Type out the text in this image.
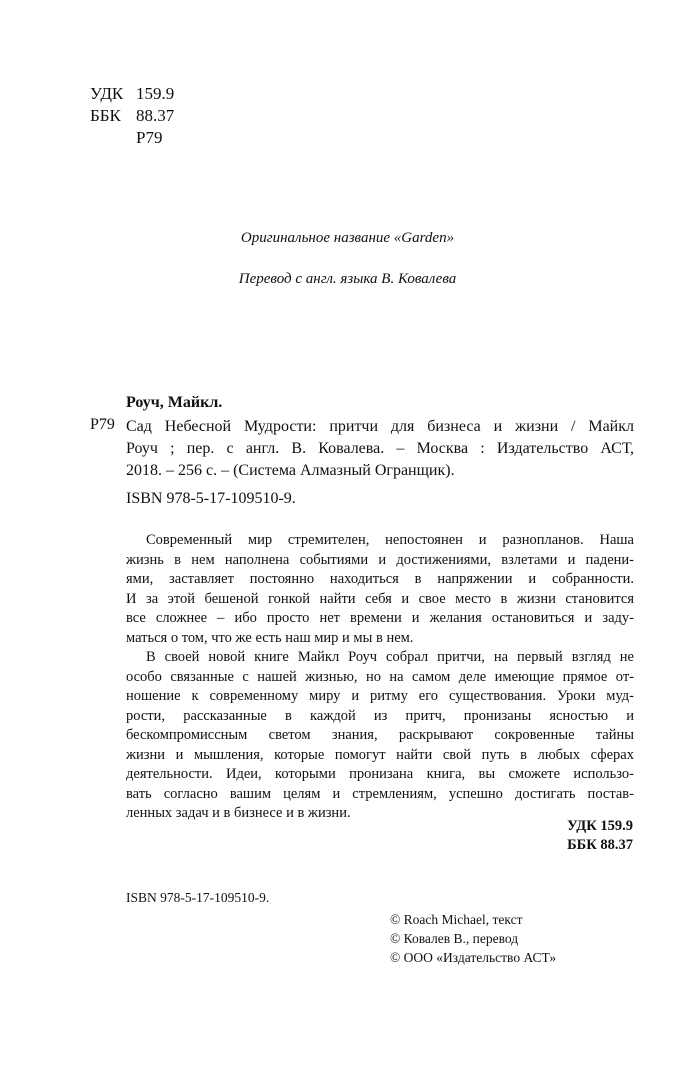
УДК 159.9
ББК 88.37
Р79
Оригинальное название «Garden»
Перевод с англ. языка В. Ковалева
Роуч, Майкл.
Р79 Сад Небесной Мудрости: притчи для бизнеса и жизни / Майкл
Роуч ; пер. с англ. В. Ковалева. – Москва : Издательство АСТ,
2018. – 256 с. – (Система Алмазный Огранщик).
ISBN 978-5-17-109510-9.
Современный мир стремителен, непостоянен и разнопланов. Наша
жизнь в нем наполнена событиями и достижениями, взлетами и падени-
ями, заставляет постоянно находиться в напряжении и собранности.
И за этой бешеной гонкой найти себя и свое место в жизни становится
все сложнее – ибо просто нет времени и желания остановиться и заду-
маться о том, что же есть наш мир и мы в нем.
В своей новой книге Майкл Роуч собрал притчи, на первый взгляд не
особо связанные с нашей жизнью, но на самом деле имеющие прямое от-
ношение к современному миру и ритму его существования. Уроки муд-
рости, рассказанные в каждой из притч, пронизаны ясностью и
бескомпромиссным светом знания, раскрывают сокровенные тайны
жизни и мышления, которые помогут найти свой путь в любых сферах
деятельности. Идеи, которыми пронизана книга, вы сможете использо-
вать согласно вашим целям и стремлениям, успешно достигать постав-
ленных задач и в бизнесе и в жизни.
УДК 159.9
ББК 88.37
ISBN 978-5-17-109510-9.
© Roach Michael, текст
© Ковалев В., перевод
© ООО «Издательство АСТ»
